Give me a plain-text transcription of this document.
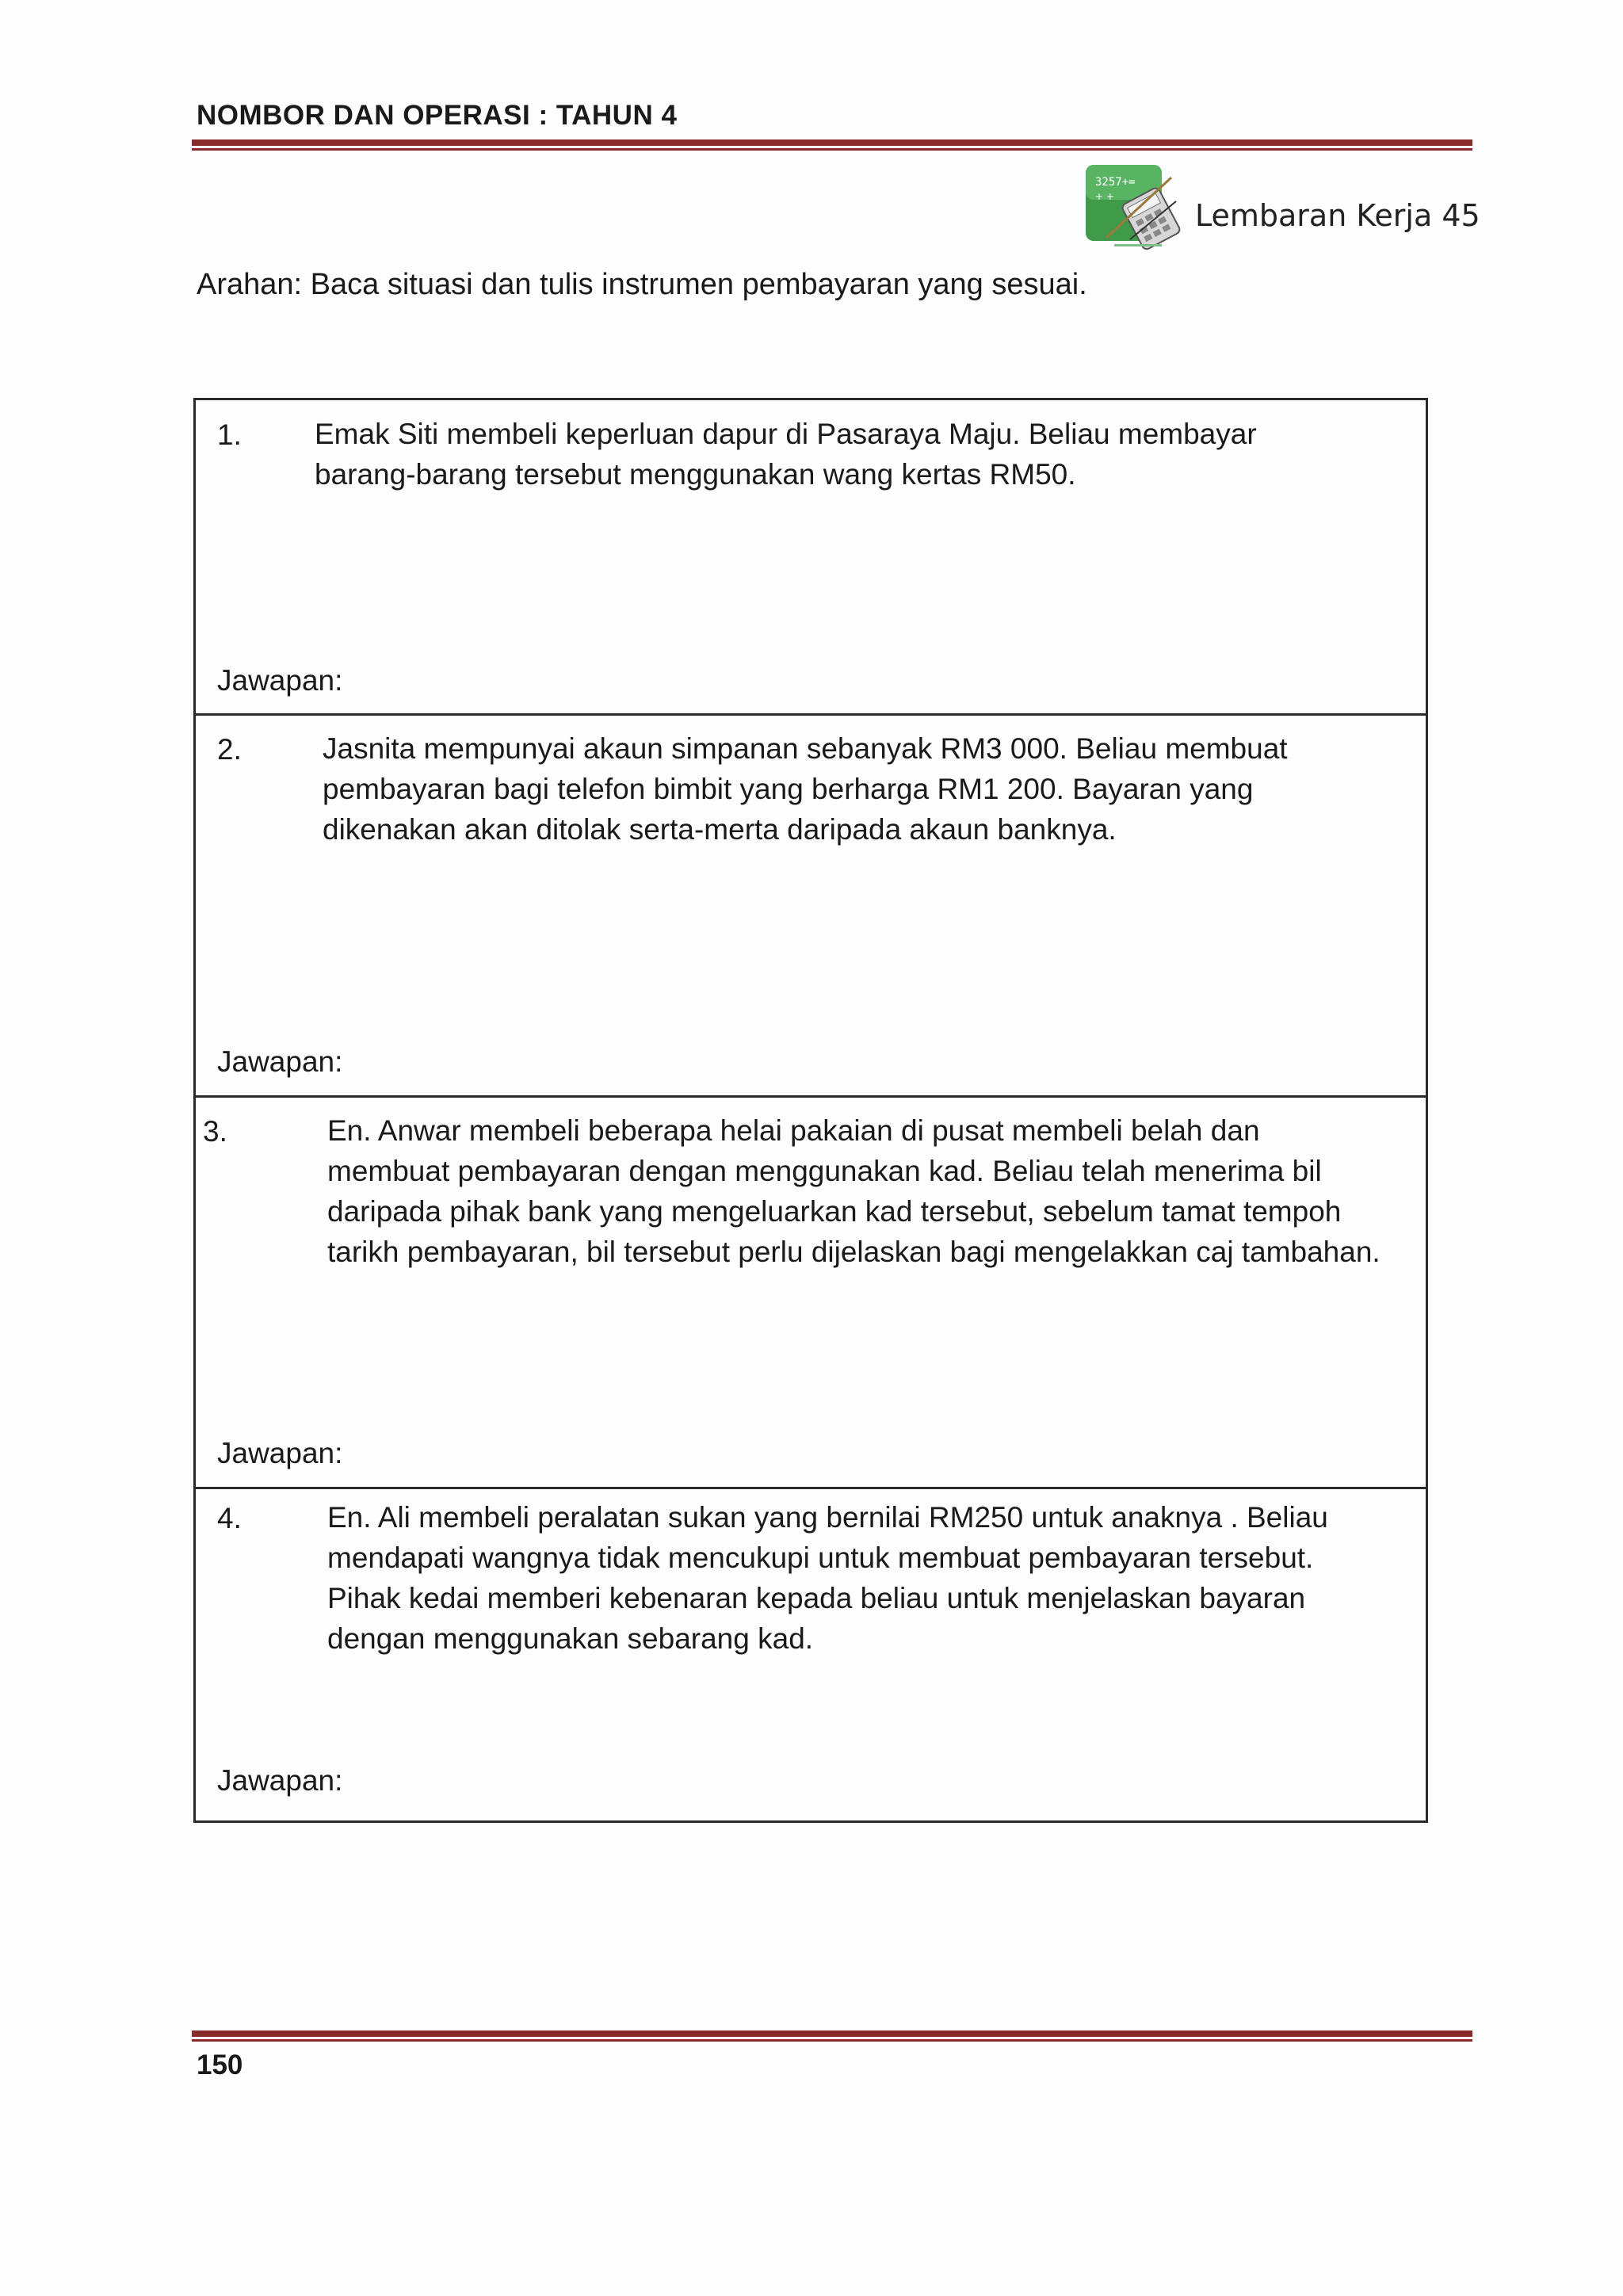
NOMBOR DAN OPERASI : TAHUN 4
3257+=
+ +
Lembaran Kerja 45
Arahan: Baca situasi dan tulis instrumen pembayaran yang sesuai.
1. Emak Siti membeli keperluan dapur di Pasaraya Maju. Beliau membayar
barang-barang tersebut menggunakan wang kertas RM50.
Jawapan:
2.	Jasnita mempunyai akaun simpanan sebanyak RM3 000. Beliau membuat
pembayaran bagi telefon bimbit yang berharga RM1 200. Bayaran yang
dikenakan akan ditolak serta-merta daripada akaun banknya.
Jawapan:
3.	En. Anwar membeli beberapa helai pakaian di pusat membeli belah dan
membuat pembayaran dengan menggunakan kad. Beliau telah menerima bil
daripada pihak bank yang mengeluarkan kad tersebut, sebelum tamat tempoh
tarikh pembayaran, bil tersebut perlu dijelaskan bagi mengelakkan caj tambahan.
Jawapan:
4.	En. Ali membeli peralatan sukan yang bernilai RM250 untuk anaknya . Beliau
mendapati wangnya tidak mencukupi untuk membuat pembayaran tersebut.
Pihak kedai memberi kebenaran kepada beliau untuk menjelaskan bayaran
dengan menggunakan sebarang kad.
Jawapan:
150
